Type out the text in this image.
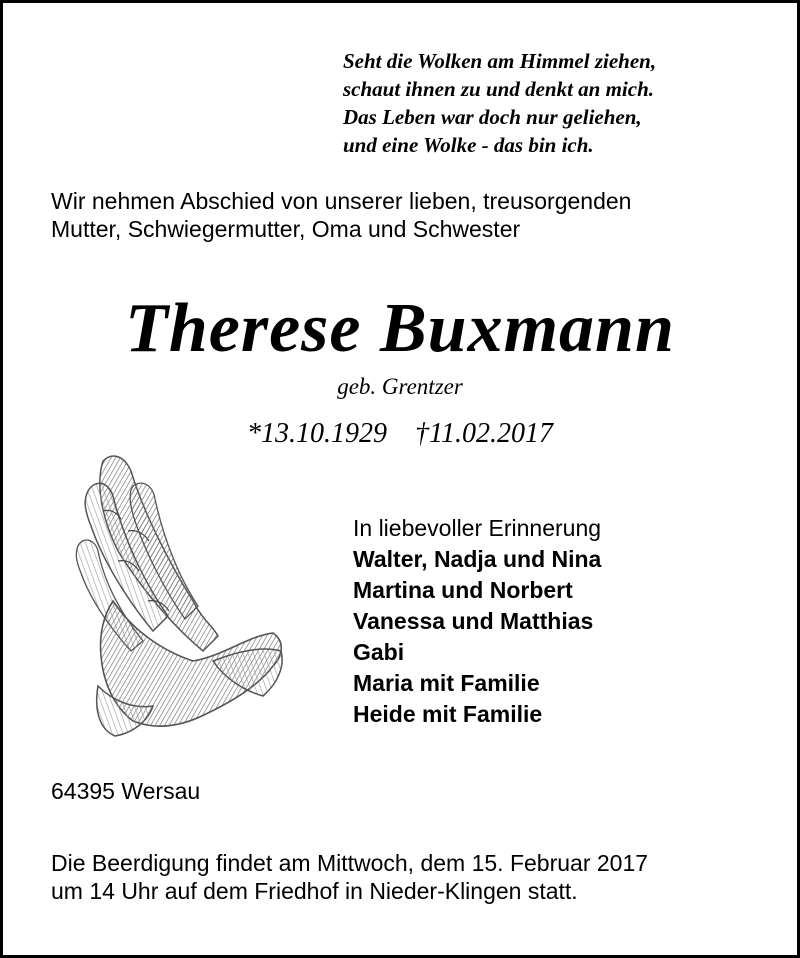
Seht die Wolken am Himmel ziehen,
schaut ihnen zu und denkt an mich.
Das Leben war doch nur geliehen,
und eine Wolke - das bin ich.
Wir nehmen Abschied von unserer lieben, treusorgenden
Mutter, Schwiegermutter, Oma und Schwester
Therese Buxmann
geb. Grentzer
*13.10.1929 †11.02.2017
In liebevoller Erinnerung
Walter, Nadja und Nina
Martina und Norbert
Vanessa und Matthias
Gabi
Maria mit Familie
Heide mit Familie
64395 Wersau
Die Beerdigung findet am Mittwoch, dem 15. Februar 2017
um 14 Uhr auf dem Friedhof in Nieder-Klingen statt.
